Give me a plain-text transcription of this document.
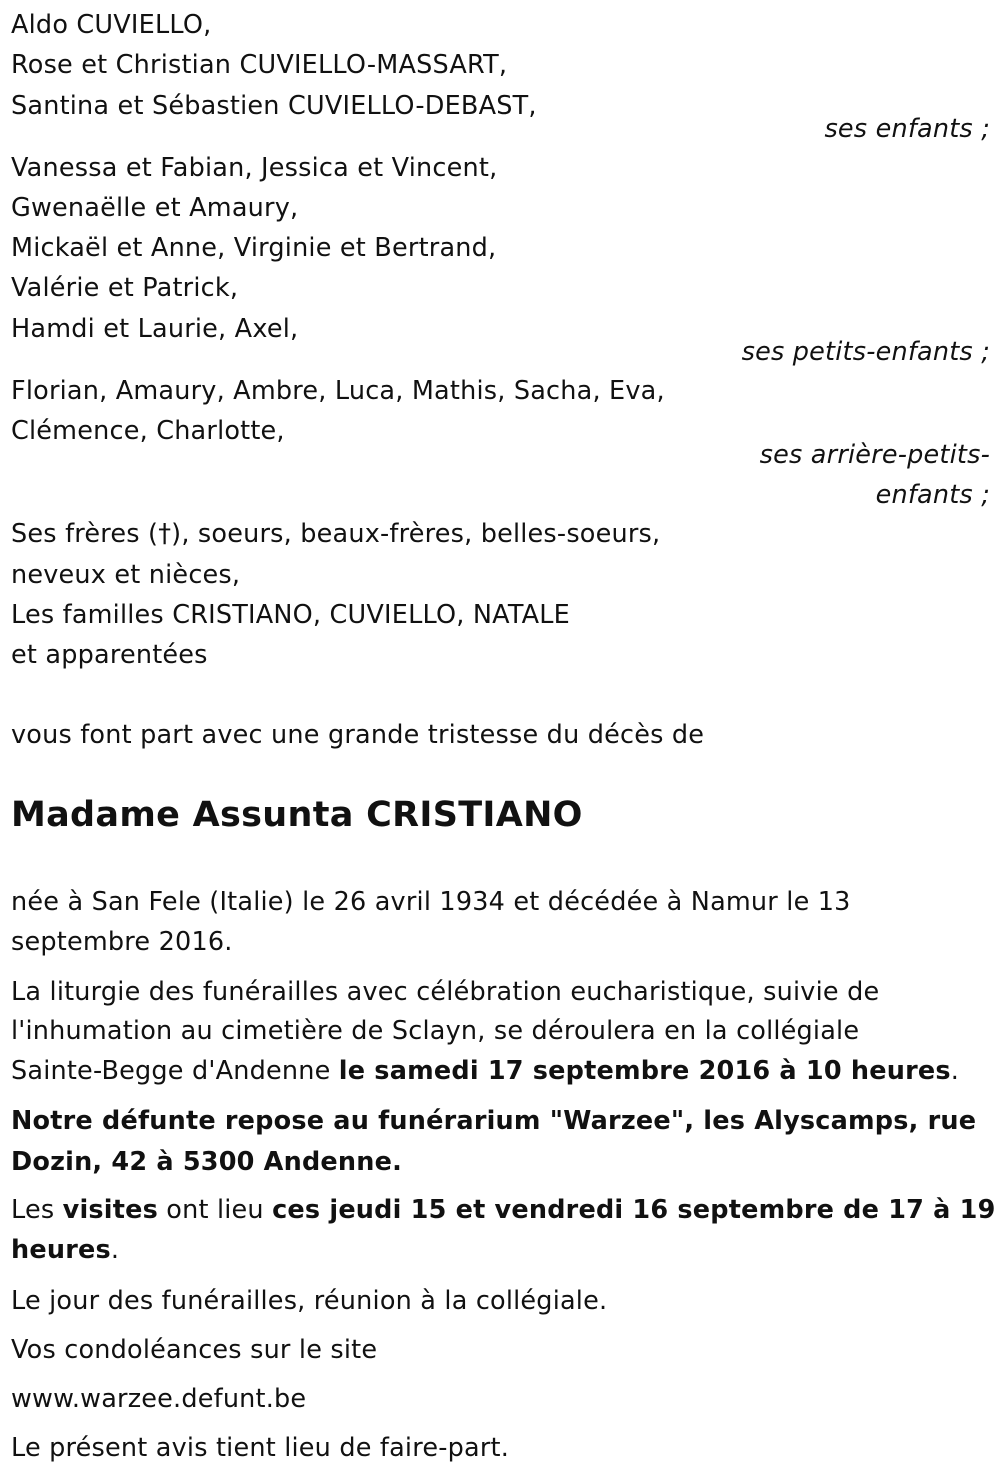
Aldo CUVIELLO,
Rose et Christian CUVIELLO-MASSART,
Santina et Sébastien CUVIELLO-DEBAST,
ses enfants ;
Vanessa et Fabian, Jessica et Vincent,
Gwenaëlle et Amaury,
Mickaël et Anne, Virginie et Bertrand,
Valérie et Patrick,
Hamdi et Laurie, Axel,
ses petits-enfants ;
Florian, Amaury, Ambre, Luca, Mathis, Sacha, Eva,
Clémence, Charlotte,
ses arrière-petits-
enfants ;
Ses frères (†), soeurs, beaux-frères, belles-soeurs,
neveux et nièces,
Les familles CRISTIANO, CUVIELLO, NATALE
et apparentées
vous font part avec une grande tristesse du décès de
Madame Assunta CRISTIANO
née à San Fele (Italie) le 26 avril 1934 et décédée à Namur le 13
septembre 2016.
La liturgie des funérailles avec célébration eucharistique, suivie de
l'inhumation au cimetière de Sclayn, se déroulera en la collégiale
Sainte-Begge d'Andenne le samedi 17 septembre 2016 à 10 heures.
Notre défunte repose au funérarium "Warzee", les Alyscamps, rue
Dozin, 42 à 5300 Andenne.
Les visites ont lieu ces jeudi 15 et vendredi 16 septembre de 17 à 19
heures.
Le jour des funérailles, réunion à la collégiale.
Vos condoléances sur le site
www.warzee.defunt.be
Le présent avis tient lieu de faire-part.
